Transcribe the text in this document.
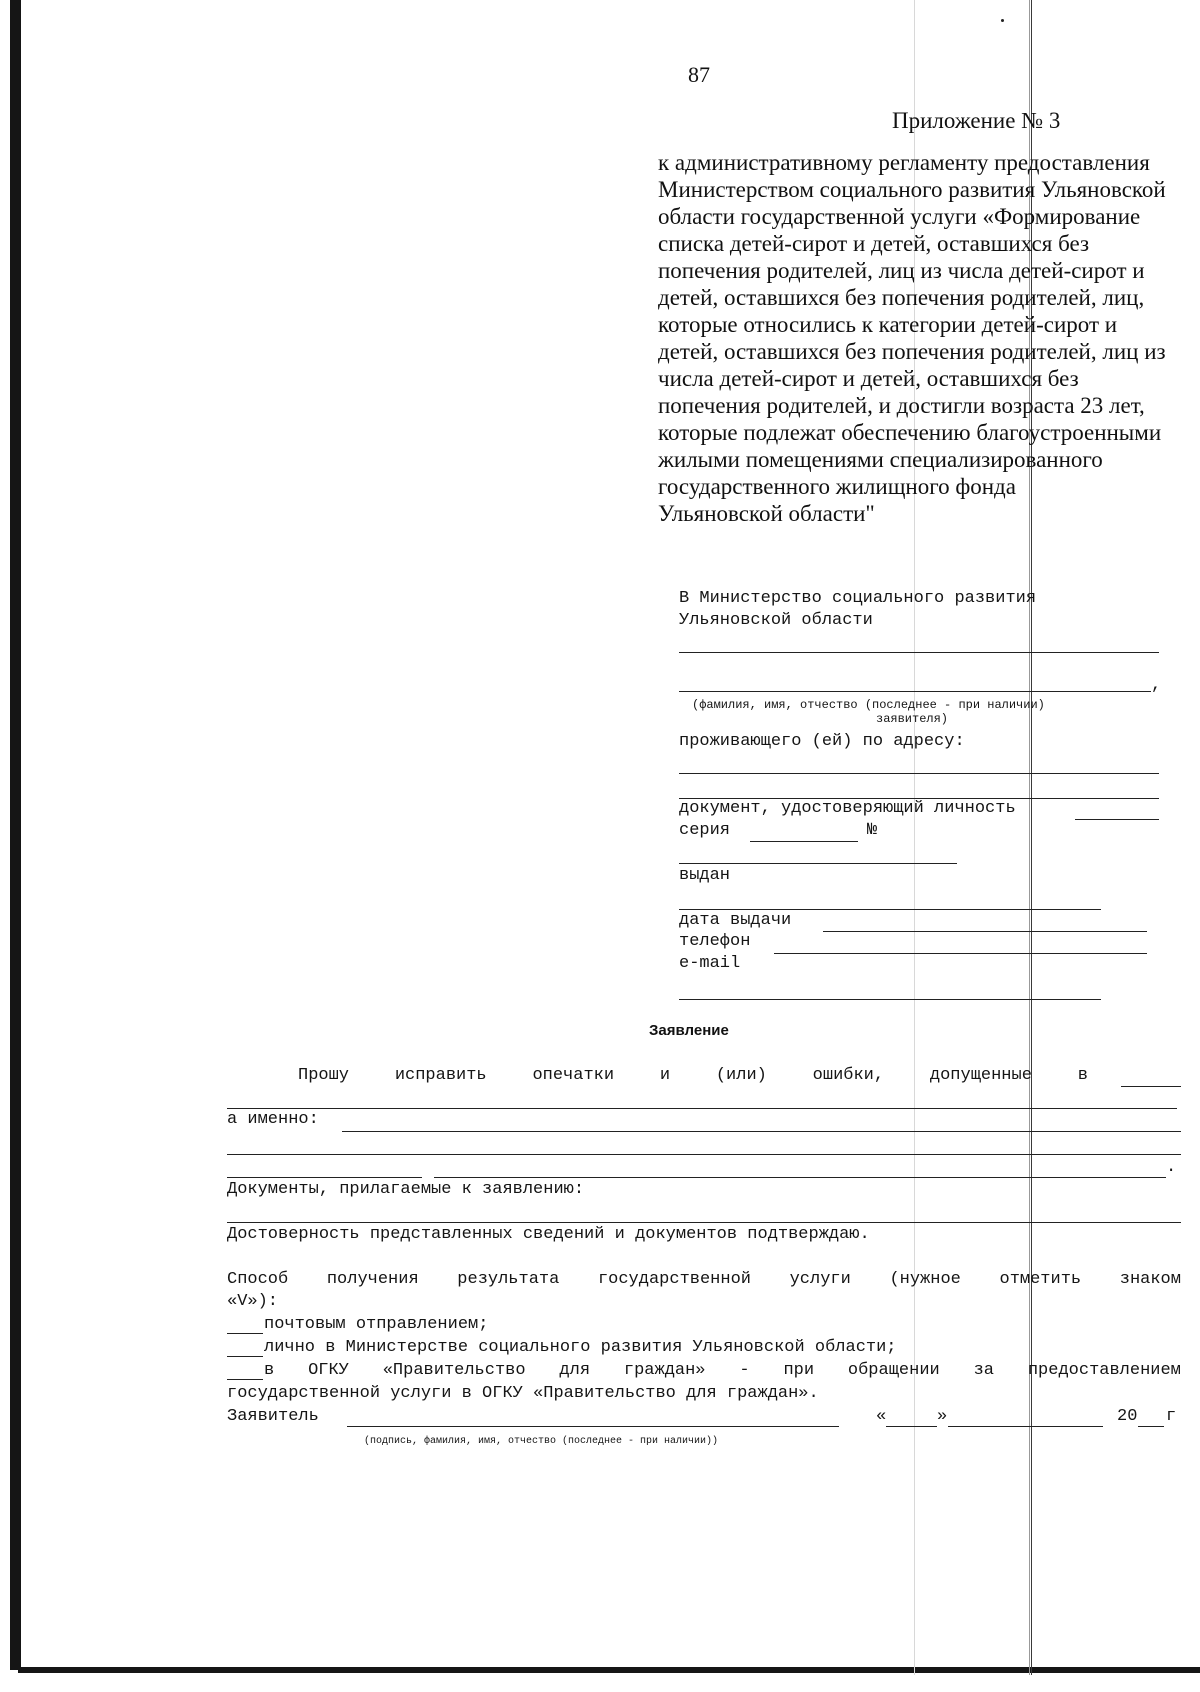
87
Приложение № 3

к административному регламенту предоставления
Министерством социального развития Ульяновской
области государственной услуги «Формирование
списка детей-сирот и детей, оставшихся без
попечения родителей, лиц из числа детей-сирот и
детей, оставшихся без попечения родителей, лиц,
которые относились к категории детей-сирот и
детей, оставшихся без попечения родителей, лиц из
числа детей-сирот и детей, оставшихся без
попечения родителей, и достигли возраста 23 лет,
которые подлежат обеспечению благоустроенными
жилыми помещениями специализированного
государственного жилищного фонда
Ульяновской области"

В Министерство социального развития
Ульяновской области
,
(фамилия, имя, отчество (последнее - при наличии)
заявителя)
проживающего (ей) по адресу:
документ, удостоверяющий личность
серия	№
выдан
дата выдачи
телефон
e-mail
Заявление
Прошу	исправить	опечатки	и	(или)	ошибки,	допущенные	в
а именно:
.
Документы, прилагаемые к заявлению:
Достоверность представленных сведений и документов подтверждаю.
Способ получения результата государственной услуги (нужное отметить знаком
«V»):
почтовым отправлением;
лично в Министерстве социального развития Ульяновской области;
в ОГКУ «Правительство для граждан» - при обращении за предоставлением
государственной услуги в ОГКУ «Правительство для граждан».
Заявитель	«	»	20 г
(подпись, фамилия, имя, отчество (последнее - при наличии))
